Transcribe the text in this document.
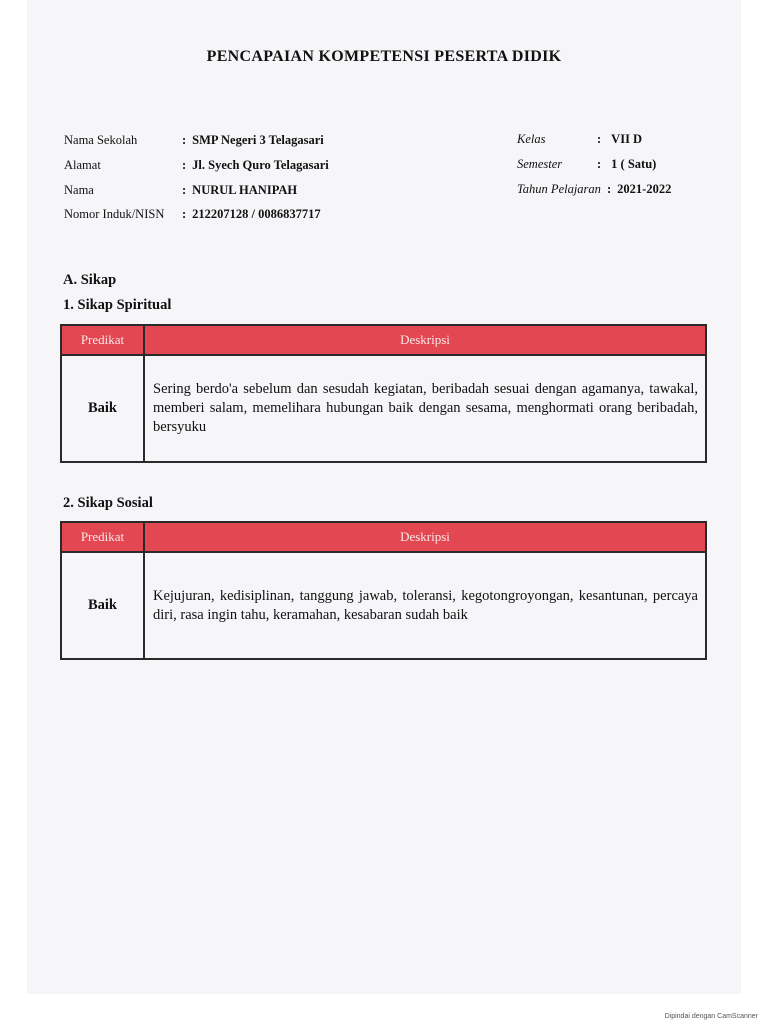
PENCAPAIAN KOMPETENSI PESERTA DIDIK
Nama Sekolah	: SMP Negeri 3 Telagasari
Alamat	: Jl. Syech Quro Telagasari
Nama	: NURUL HANIPAH
Nomor Induk/NISN : 212207128 / 0086837717
Kelas	: VII D
Semester	: 1 ( Satu)
Tahun Pelajaran : 2021-2022
A. Sikap
1. Sikap Spiritual
Predikat	Deskripsi
Baik	Sering berdo'a sebelum dan sesudah kegiatan, beribadah sesuai dengan agamanya, tawakal, memberi salam, memelihara hubungan baik dengan sesama, menghormati orang beribadah, bersyuku
2. Sikap Sosial
Predikat	Deskripsi
Baik	Kejujuran, kedisiplinan, tanggung jawab, toleransi, kegotongroyongan, kesantunan, percaya diri, rasa ingin tahu, keramahan, kesabaran sudah baik
Dipindai dengan CamScanner
